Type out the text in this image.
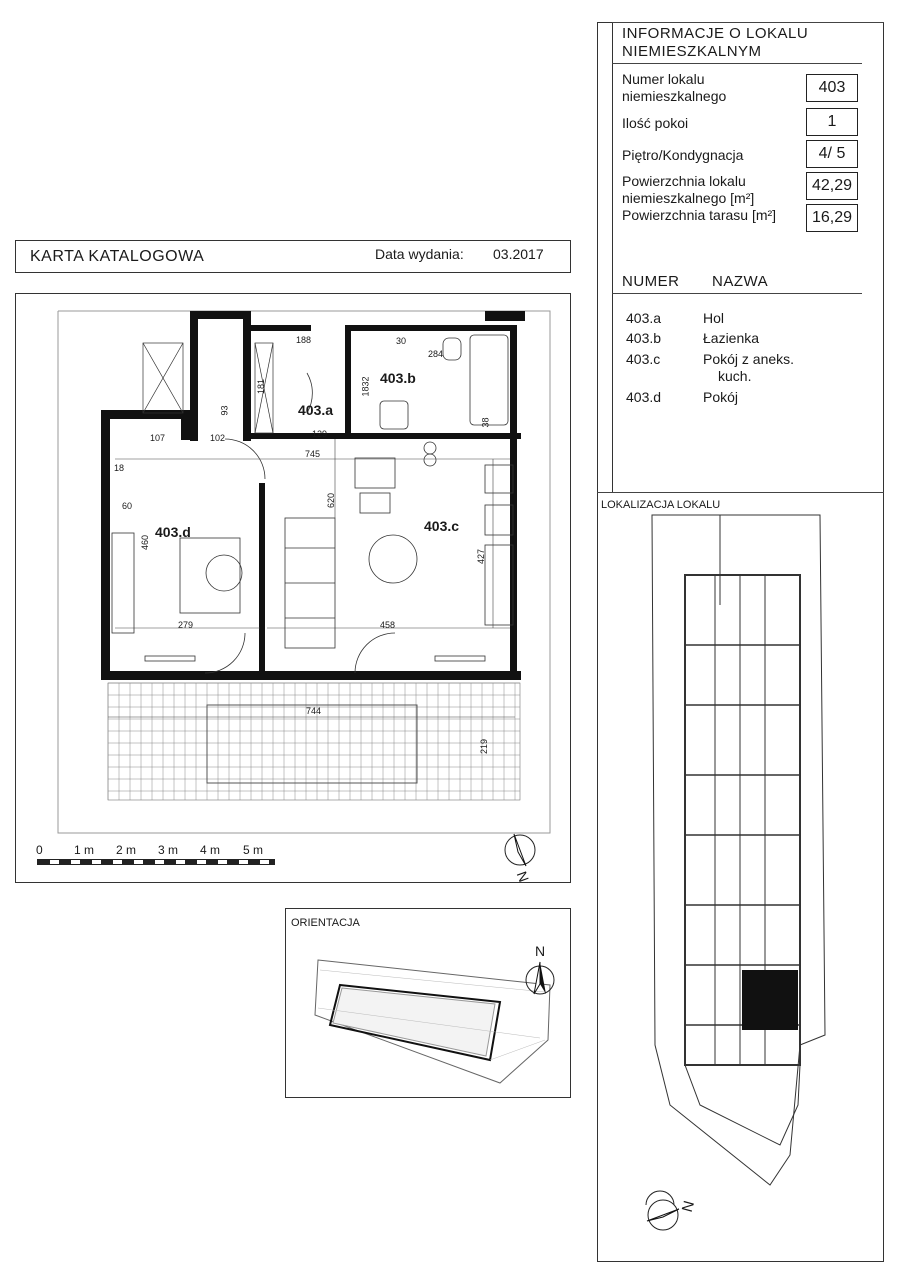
INFORMACJE O LOKALU
NIEMIESZKALNYM
Numer lokalu
niemieszkalnego	403
Ilość pokoi	1
Piętro/Kondygnacja	4/ 5
Powierzchnia lokalu
niemieszkalnego [m²]
42,29
Powierzchnia tarasu [m²]	16,29
NUMER NAZWA
403.a	Hol
403.b	Łazienka
403.c	Pokój z aneks.
kuch.
403.d	Pokój
LOKALIZACJA LOKALU
N
KARTA KATALOGOWA	Data wydania: 03.2017
403.a
403.b
403.c
403.d
188	30
284
181	1832
93
38
129
102
107
745
18
60
460
620
427
279	458
744
219
0	1 m 2 m 3 m 4 m 5 m
N
ORIENTACJA
N
